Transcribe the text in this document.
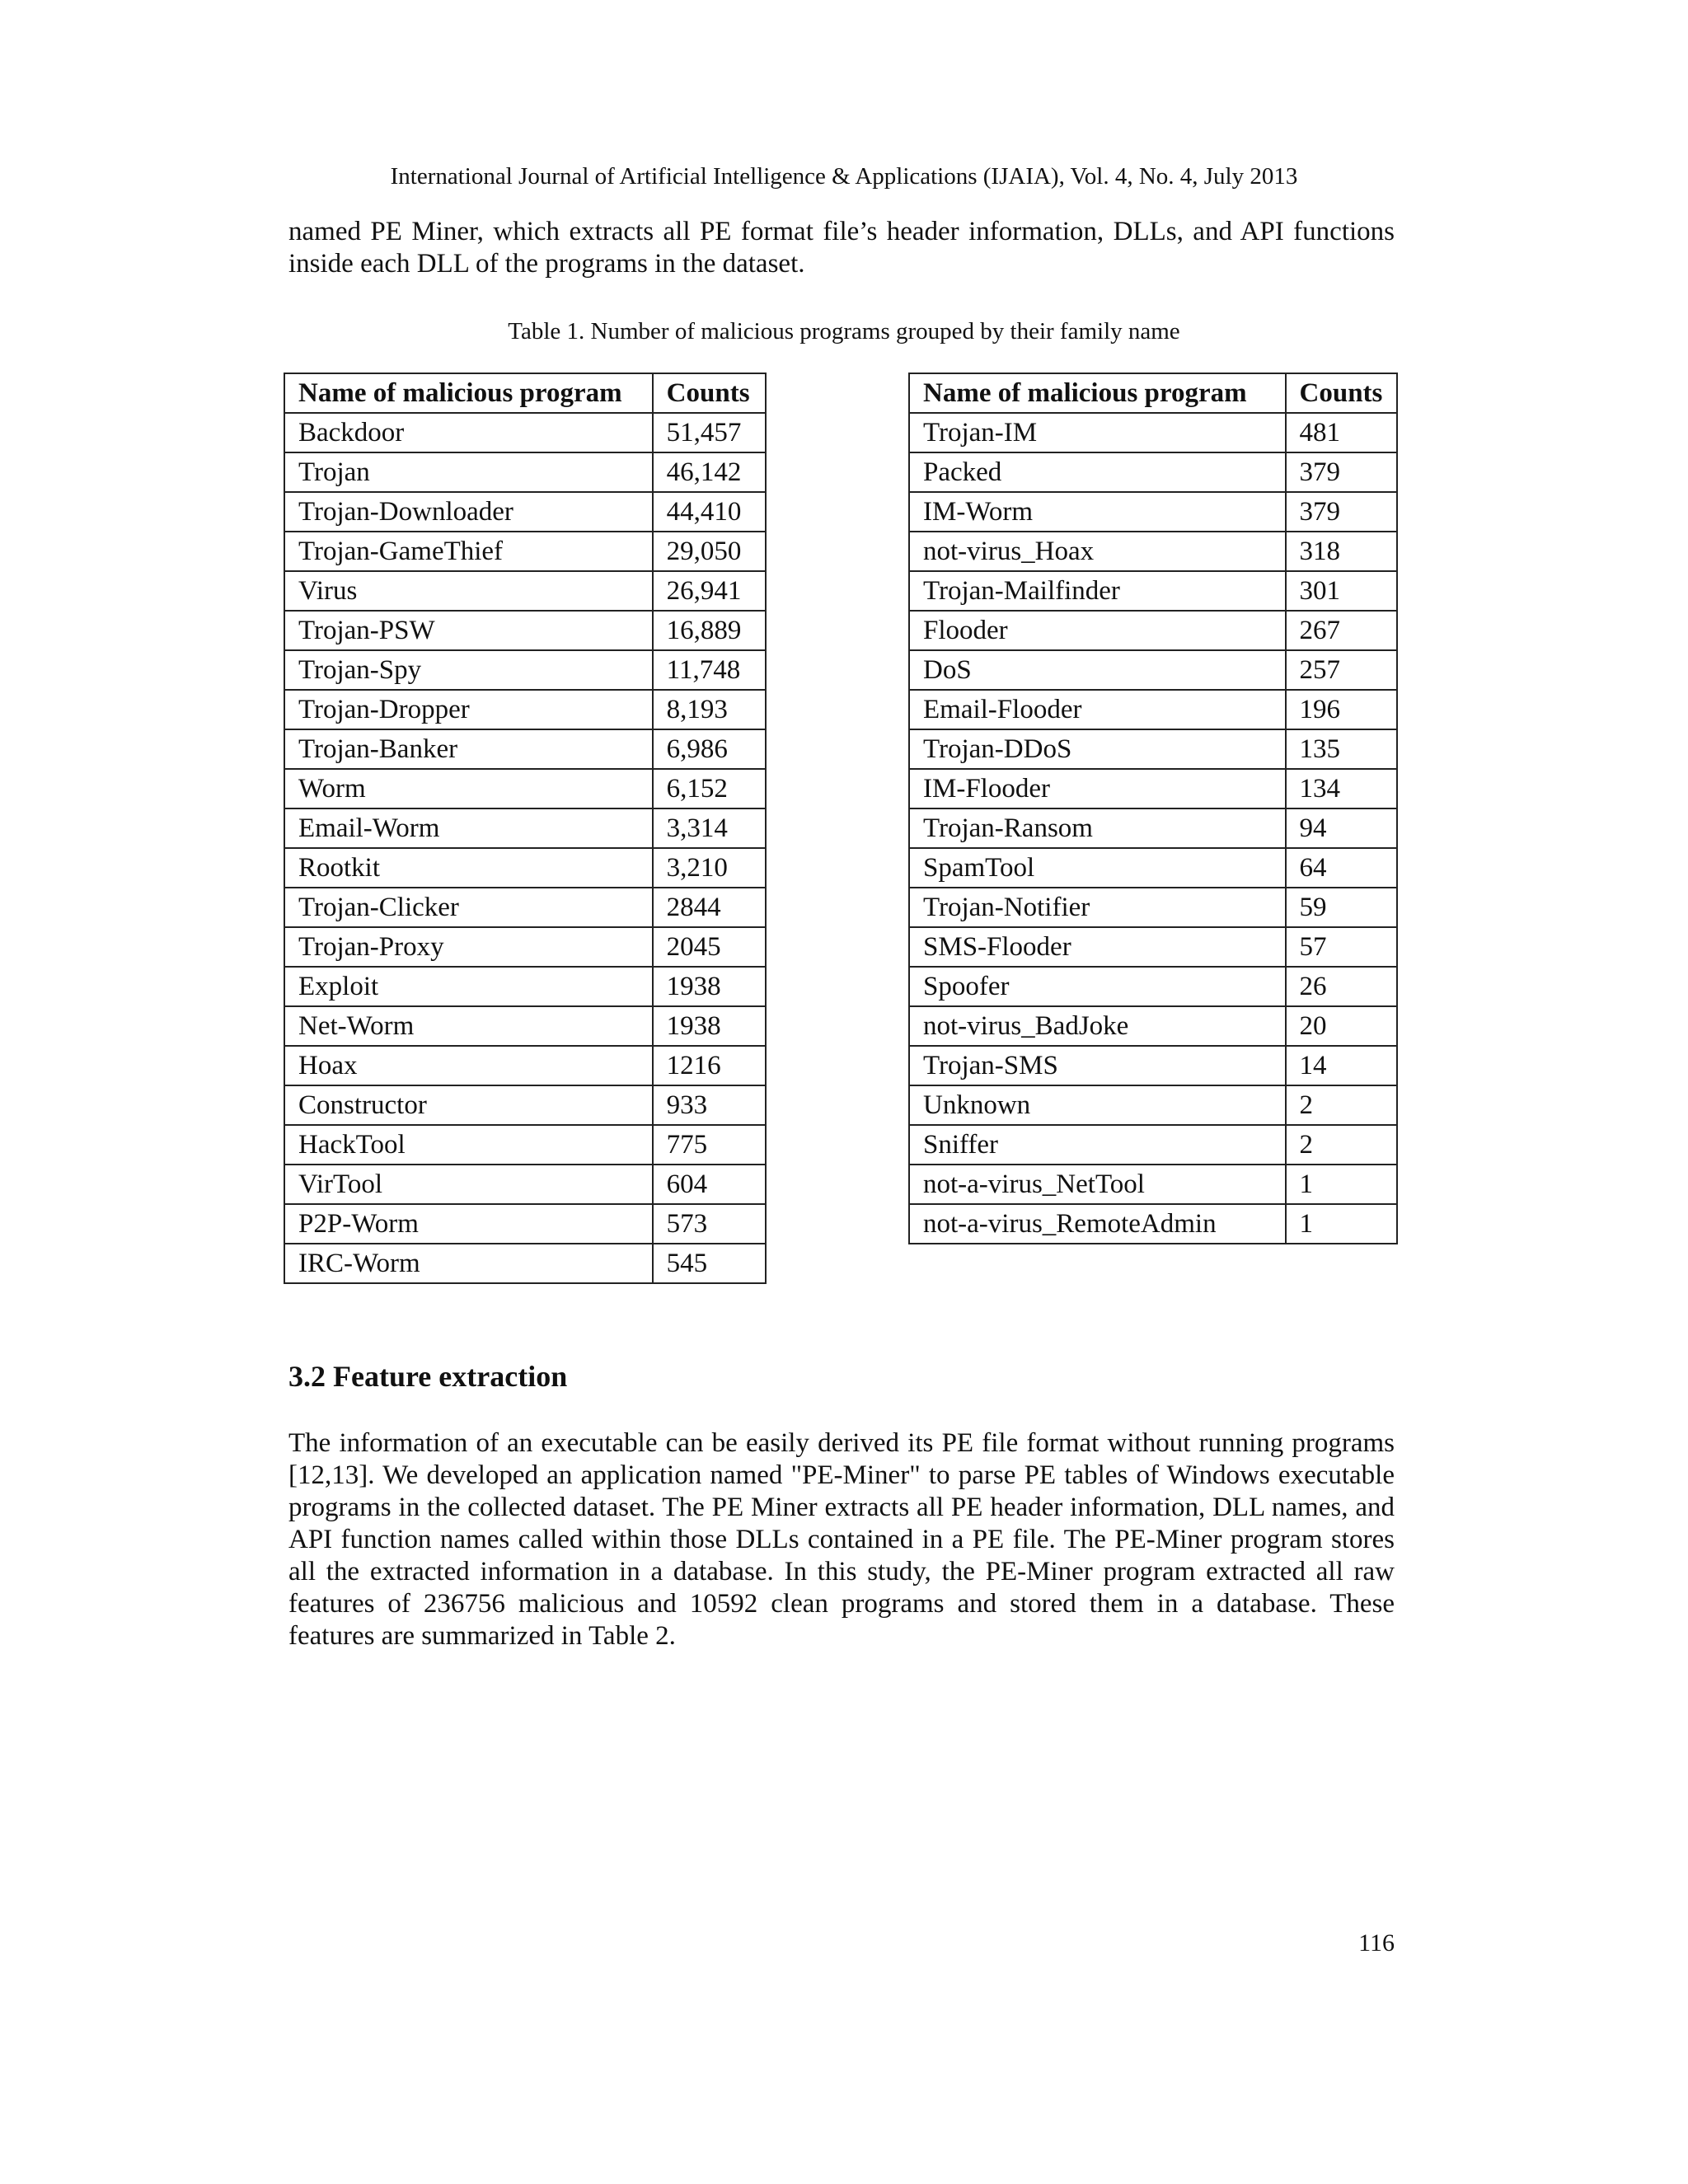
International Journal of Artificial Intelligence & Applications (IJAIA), Vol. 4, No. 4, July 2013

named PE Miner, which extracts all PE format file’s header information, DLLs, and API functions inside each DLL of the programs in the dataset.

Table 1. Number of malicious programs grouped by their family name
Name of malicious program	Counts
Backdoor	51,457
Trojan	46,142
Trojan-Downloader	44,410
Trojan-GameThief	29,050
Virus	26,941
Trojan-PSW	16,889
Trojan-Spy	11,748
Trojan-Dropper	8,193
Trojan-Banker	6,986
Worm	6,152
Email-Worm	3,314
Rootkit	3,210
Trojan-Clicker	2844
Trojan-Proxy	2045
Exploit	1938
Net-Worm	1938
Hoax	1216
Constructor	933
HackTool	775
VirTool	604
P2P-Worm	573
IRC-Worm	545
Name of malicious program	Counts
Trojan-IM	481
Packed	379
IM-Worm	379
not-virus_Hoax	318
Trojan-Mailfinder	301
Flooder	267
DoS	257
Email-Flooder	196
Trojan-DDoS	135
IM-Flooder	134
Trojan-Ransom	94
SpamTool	64
Trojan-Notifier	59
SMS-Flooder	57
Spoofer	26
not-virus_BadJoke	20
Trojan-SMS	14
Unknown	2
Sniffer	2
not-a-virus_NetTool	1
not-a-virus_RemoteAdmin	1
3.2 Feature extraction

The information of an executable can be easily derived its PE file format without running programs [12,13]. We developed an application named "PE-Miner" to parse PE tables of Windows executable programs in the collected dataset. The PE Miner extracts all PE header information, DLL names, and API function names called within those DLLs contained in a PE file. The PE-Miner program stores all the extracted information in a database. In this study, the PE-Miner program extracted all raw features of 236756 malicious and 10592 clean programs and stored them in a database. These features are summarized in Table 2.

116
